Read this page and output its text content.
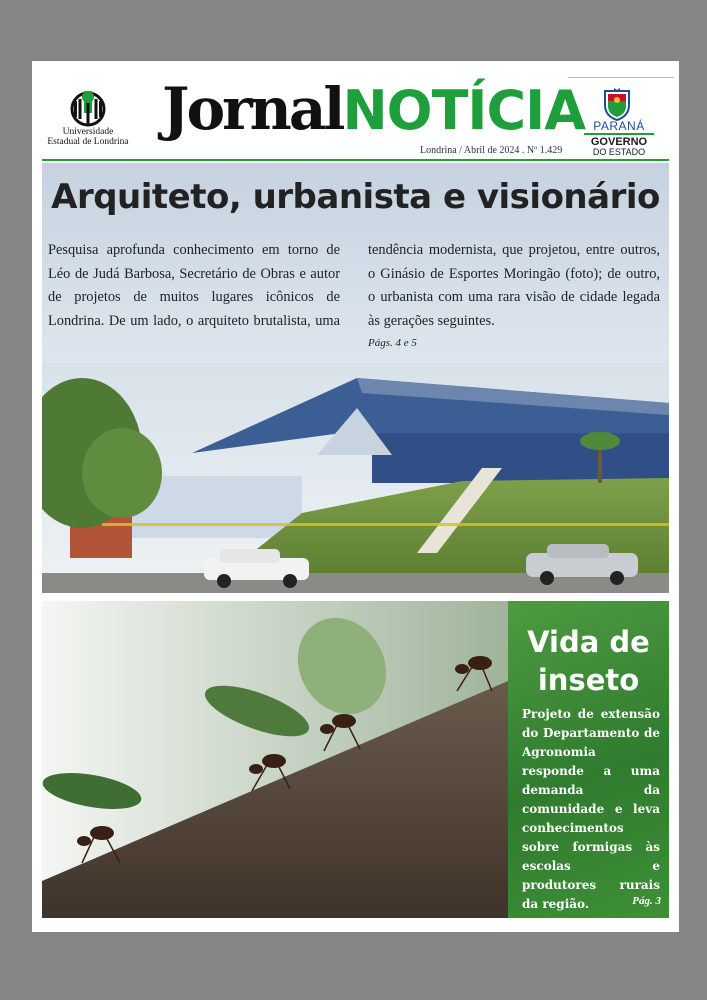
Universidade
Estadual de Londrina JornalNOTÍCIA
Londrina / Abril de 2024 . Nº 1.429
PARANÁ
GOVERNO
DO ESTADO
Arquiteto, urbanista e visionário
Pesquisa aprofunda conhecimento em torno de Léo de Judá Barbosa, Secretário de Obras e autor de projetos de muitos lugares icônicos de Londrina. De um lado, o arquiteto brutalista, uma tendência modernista, que projetou, entre outros, o Ginásio de Esportes Moringão (foto); de outro, o urbanista com uma rara visão de cidade legada às gerações seguintes.
Págs. 4 e 5
Vida de inseto
Projeto de extensão do Departamento de Agronomia responde a uma demanda da comunidade e leva conhecimentos sobre formigas às escolas e produtores rurais da região.	Pág. 3
